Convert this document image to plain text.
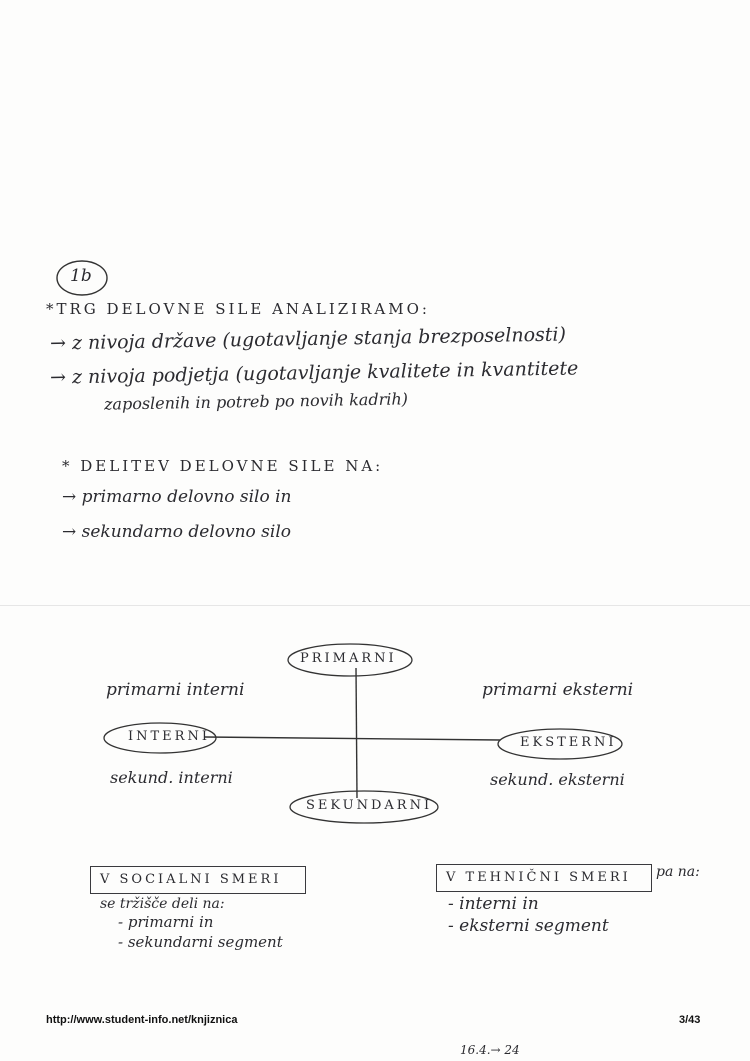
1b
*TRG DELOVNE SILE ANALIZIRAMO:
→ z nivoja države (ugotavljanje stanja brezposelnosti)
→ z nivoja podjetja (ugotavljanje kvalitete in kvantitete
zaposlenih in potreb po novih kadrih)
* DELITEV DELOVNE SILE NA:
→ primarno delovno silo in
→ sekundarno delovno silo
PRIMARNI
INTERNI	EKSTERNI
SEKUNDARNI
primarni interni	primarni eksterni
sekund. interni	sekund. eksterni
V SOCIALNI SMERI
se tržišče deli na:
- primarni in
- sekundarni segment
V TEHNIČNI SMERI pa na:
- interni in
- eksterni segment
http://www.student-info.net/knjiznica	3/43
16.4.→ 24
